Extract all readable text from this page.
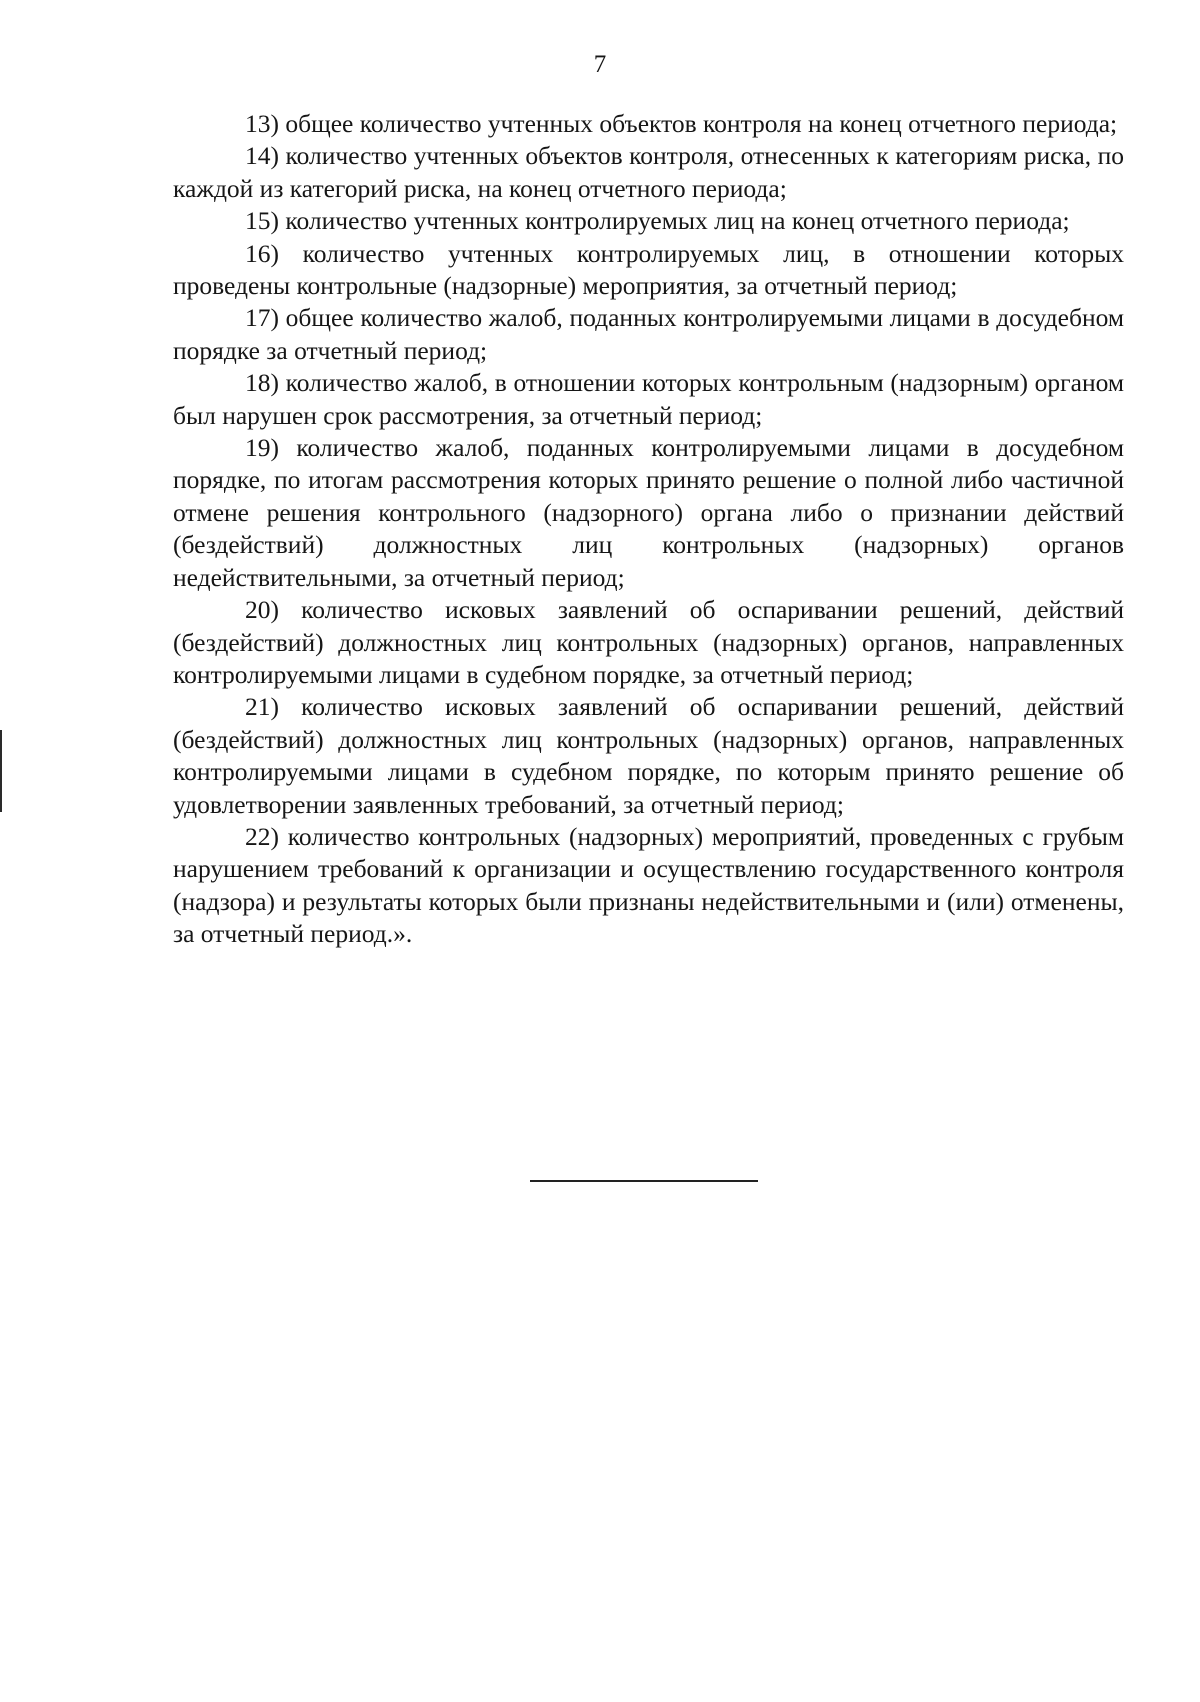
7

13) общее количество учтенных объектов контроля на конец отчетного периода;

14) количество учтенных объектов контроля, отнесенных к категориям риска, по каждой из категорий риска, на конец отчетного периода;

15) количество учтенных контролируемых лиц на конец отчетного периода;

16) количество учтенных контролируемых лиц, в отношении которых проведены контрольные (надзорные) мероприятия, за отчетный период;

17) общее количество жалоб, поданных контролируемыми лицами в досудебном порядке за отчетный период;

18) количество жалоб, в отношении которых контрольным (надзорным) органом был нарушен срок рассмотрения, за отчетный период;

19) количество жалоб, поданных контролируемыми лицами в досудебном порядке, по итогам рассмотрения которых принято решение о полной либо частичной отмене решения контрольного (надзорного) органа либо о признании действий (бездействий) должностных лиц контрольных (надзорных) органов недействительными, за отчетный период;

20) количество исковых заявлений об оспаривании решений, действий (бездействий) должностных лиц контрольных (надзорных) органов, направленных контролируемыми лицами в судебном порядке, за отчетный период;

21) количество исковых заявлений об оспаривании решений, действий (бездействий) должностных лиц контрольных (надзорных) органов, направленных контролируемыми лицами в судебном порядке, по которым принято решение об удовлетворении заявленных требований, за отчетный период;

22) количество контрольных (надзорных) мероприятий, проведенных с грубым нарушением требований к организации и осуществлению государственного контроля (надзора) и результаты которых были признаны недействительными и (или) отменены, за отчетный период.».
